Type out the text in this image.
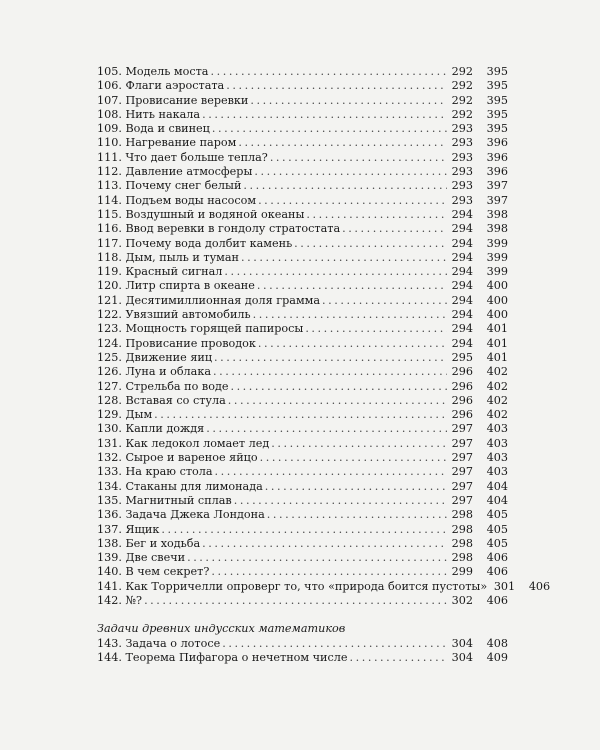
105. Модель моста . . .	292	395
106. Флаги аэростата . . .	292	395
107. Провисание веревки . . .	292	395
108. Нить накала . . .	292	395
109. Вода и свинец . . .	293	395
110. Нагревание паром . . .	293	396
111. Что дает больше тепла? . . .	293	396
112. Давление атмосферы . . .	293	396
113. Почему снег белый . . .	293	397
114. Подъем воды насосом . . .	293	397
115. Воздушный и водяной океаны . . .	294	398
116. Ввод веревки в гондолу стратостата . . .	294	398
117. Почему вода долбит камень . . .	294	399
118. Дым, пыль и туман . . .	294	399
119. Красный сигнал . . .	294	399
120. Литр спирта в океане . . .	294	400
121. Десятимиллионная доля грамма . . .	294	400
122. Увязший автомобиль . . .	294	400
123. Мощность горящей папиросы . . .	294	401
124. Провисание проводок . . .	294	401
125. Движение яиц . . .	295	401
126. Луна и облака . . .	296	402
127. Стрельба по воде . . .	296	402
128. Вставая со стула . . .	296	402
129. Дым . . .	296	402
130. Капли дождя . . .	297	403
131. Как ледокол ломает лед . . .	297	403
132. Сырое и вареное яйцо . . .	297	403
133. На краю стола . . .	297	403
134. Стаканы для лимонада . . .	297	404
135. Магнитный сплав . . .	297	404
136. Задача Джека Лондона . . .	298	405
137. Ящик . . .	298	405
138. Бег и ходьба . . .	298	405
139. Две свечи . . .	298	406
140. В чем секрет? . . .	299	406
141. Как Торричелли опроверг то, что «природа боится пустоты» 301	406
142. №? . . .	302	406
Задачи древних индусских математиков
143. Задача о лотосе . . .	304	408
144. Теорема Пифагора о нечетном числе . . .	304	409
